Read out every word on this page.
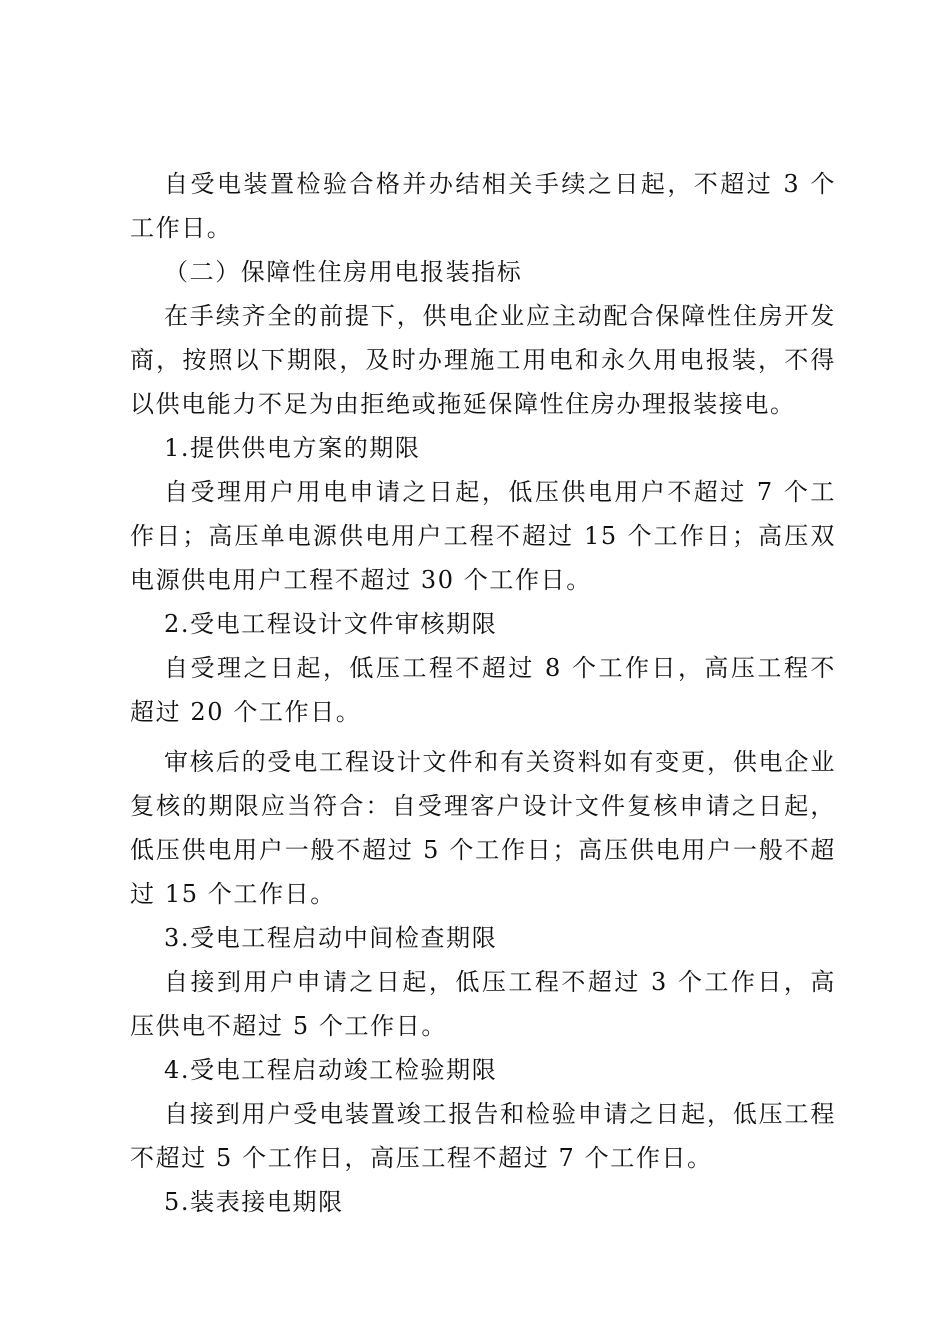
自受电装置检验合格并办结相关手续之日起，不超过 3 个工作日。

（二）保障性住房用电报装指标

在手续齐全的前提下，供电企业应主动配合保障性住房开发商，按照以下期限，及时办理施工用电和永久用电报装，不得以供电能力不足为由拒绝或拖延保障性住房办理报装接电。

1.提供供电方案的期限

自受理用户用电申请之日起，低压供电用户不超过 7 个工作日；高压单电源供电用户工程不超过 15 个工作日；高压双电源供电用户工程不超过 30 个工作日。

2.受电工程设计文件审核期限

自受理之日起，低压工程不超过 8 个工作日，高压工程不超过 20 个工作日。

审核后的受电工程设计文件和有关资料如有变更，供电企业复核的期限应当符合：自受理客户设计文件复核申请之日起，低压供电用户一般不超过 5 个工作日；高压供电用户一般不超过 15 个工作日。

3.受电工程启动中间检查期限

自接到用户申请之日起，低压工程不超过 3 个工作日，高压供电不超过 5 个工作日。

4.受电工程启动竣工检验期限

自接到用户受电装置竣工报告和检验申请之日起，低压工程不超过 5 个工作日，高压工程不超过 7 个工作日。

5.装表接电期限
